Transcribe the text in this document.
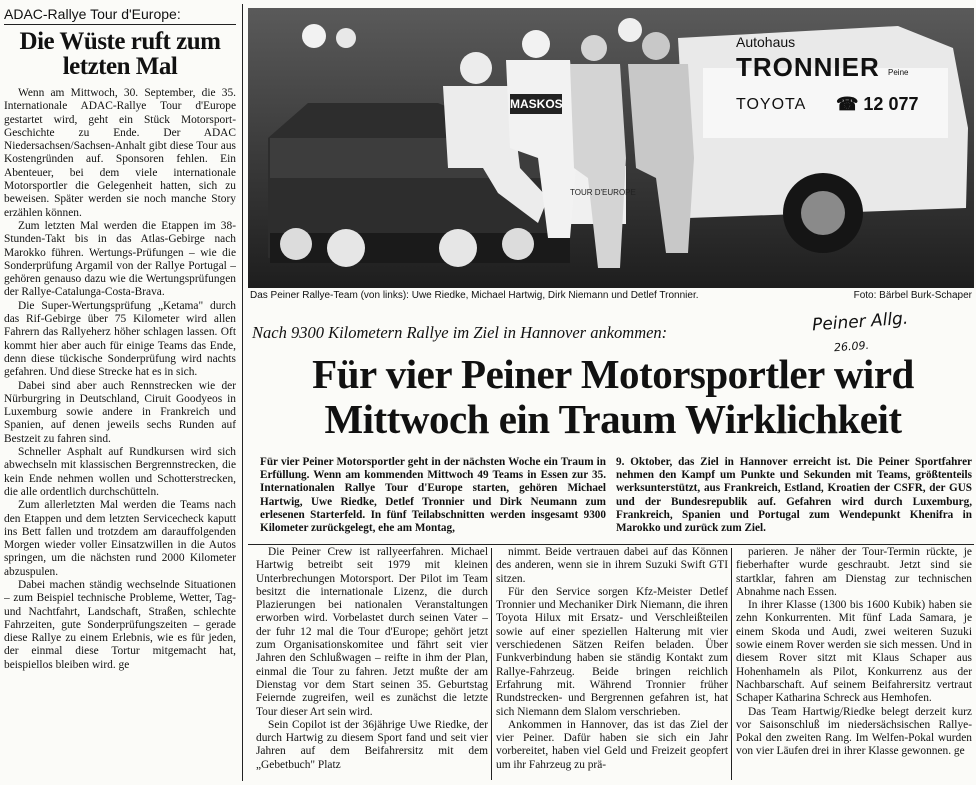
ADAC-Rallye Tour d'Europe:
Die Wüste ruft zum letzten Mal

Wenn am Mittwoch, 30. September, die 35. Internationale ADAC-Rallye Tour d'Europe gestartet wird, geht ein Stück Motorsport-Geschichte zu Ende. Der ADAC Niedersachsen/Sachsen-Anhalt gibt diese Tour aus Kostengründen auf. Sponsoren fehlen. Ein Abenteuer, bei dem viele internationale Motorsportler die Gelegenheit hatten, sich zu beweisen. Später werden sie noch manche Story erzählen können.

Zum letzten Mal werden die Etappen im 38-Stunden-Takt bis in das Atlas-Gebirge nach Marokko führen. Wertungs-Prüfungen – wie die Sonderprüfung Argamil von der Rallye Portugal – gehören genauso dazu wie die Wertungsprüfungen der Rallye-Catalunga-Costa-Brava.

Die Super-Wertungsprüfung „Ketama" durch das Rif-Gebirge über 75 Kilometer wird allen Fahrern das Rallyeherz höher schlagen lassen. Oft kommt hier aber auch für einige Teams das Ende, denn diese tückische Sonderprüfung wird nachts gefahren. Und diese Strecke hat es in sich.

Dabei sind aber auch Rennstrecken wie der Nürburgring in Deutschland, Ciruit Goodyeos in Luxemburg sowie andere in Frankreich und Spanien, auf denen jeweils sechs Runden auf Bestzeit zu fahren sind.

Schneller Asphalt auf Rundkursen wird sich abwechseln mit klassischen Bergrennstrecken, die kein Ende nehmen wollen und Schotterstrecken, die alle ordentlich durchschütteln.

Zum allerletzten Mal werden die Teams nach den Etappen und dem letzten Servicecheck kaputt ins Bett fallen und trotzdem am darauffolgenden Morgen wieder voller Einsatzwillen in die Autos springen, um die nächsten rund 2000 Kilometer abzuspulen.

Dabei machen ständig wechselnde Situationen – zum Beispiel technische Probleme, Wetter, Tag- und Nachtfahrt, Landschaft, Straßen, schlechte Fahrzeiten, gute Sonderprüfungszeiten – gerade diese Rallye zu einem Erlebnis, wie es für jeden, der einmal diese Tortur mitgemacht hat, beispiellos bleiben wird. ge

Autohaus
TRONNIER Peine
TOYOTA ☎ 12 077
MASKOS
TOUR D'EUROPE
Das Peiner Rallye-Team (von links): Uwe Riedke, Michael Hartwig, Dirk Niemann und Detlef Tronnier.	Foto: Bärbel Burk-Schaper
Nach 9300 Kilometern Rallye im Ziel in Hannover ankommen:	Peiner Allg.
26.09.
Für vier Peiner Motorsportler wird
Mittwoch ein Traum Wirklichkeit
Für vier Peiner Motorsportler geht in der nächsten Woche ein Traum in Erfüllung. Wenn am kommenden Mittwoch 49 Teams in Essen zur 35. Internationalen Rallye Tour d'Europe starten, gehören Michael Hartwig, Uwe Riedke, Detlef Tronnier und Dirk Neumann zum erlesenen Starterfeld. In fünf Teilabschnitten werden insgesamt 9300 Kilometer zurückgelegt, ehe am Montag,
9. Oktober, das Ziel in Hannover erreicht ist. Die Peiner Sportfahrer nehmen den Kampf um Punkte und Sekunden mit Teams, größtenteils werksunterstützt, aus Frankreich, Estland, Kroatien der CSFR, der GUS und der Bundesrepublik auf. Gefahren wird durch Luxemburg, Frankreich, Spanien und Portugal zum Wendepunkt Khenifra in Marokko und zurück zum Ziel.

Die Peiner Crew ist rallyeerfahren. Michael Hartwig betreibt seit 1979 mit kleinen Unterbrechungen Motorsport. Der Pilot im Team besitzt die internationale Lizenz, die durch Plazierungen bei nationalen Veranstaltungen erworben wird. Vorbelastet durch seinen Vater – der fuhr 12 mal die Tour d'Europe; gehört jetzt zum Organisationskomitee und fährt seit vier Jahren den Schlußwagen – reifte in ihm der Plan, einmal die Tour zu fahren. Jetzt mußte der am Dienstag vor dem Start seinen 35. Geburtstag Feiernde zugreifen, weil es zunächst die letzte Tour dieser Art sein wird.

Sein Copilot ist der 36jährige Uwe Riedke, der durch Hartwig zu diesem Sport fand und seit vier Jahren auf dem Beifahrersitz mit dem „Gebetbuch" Platz

nimmt. Beide vertrauen dabei auf das Können des anderen, wenn sie in ihrem Suzuki Swift GTI sitzen.

Für den Service sorgen Kfz-Meister Detlef Tronnier und Mechaniker Dirk Niemann, die ihren Toyota Hilux mit Ersatz- und Verschleißteilen sowie auf einer speziellen Halterung mit vier verschiedenen Sätzen Reifen beladen. Über Funkverbindung haben sie ständig Kontakt zum Rallye-Fahrzeug. Beide bringen reichlich Erfahrung mit. Während Tronnier früher Rundstrecken- und Bergrennen gefahren ist, hat sich Niemann dem Slalom verschrieben.

Ankommen in Hannover, das ist das Ziel der vier Peiner. Dafür haben sie sich ein Jahr vorbereitet, haben viel Geld und Freizeit geopfert um ihr Fahrzeug zu prä-

parieren. Je näher der Tour-Termin rückte, je fieberhafter wurde geschraubt. Jetzt sind sie startklar, fahren am Dienstag zur technischen Abnahme nach Essen.

In ihrer Klasse (1300 bis 1600 Kubik) haben sie zehn Konkurrenten. Mit fünf Lada Samara, je einem Skoda und Audi, zwei weiteren Suzuki sowie einem Rover werden sie sich messen. Und in diesem Rover sitzt mit Klaus Schaper aus Hohenhameln als Pilot, Konkurrenz aus der Nachbarschaft. Auf seinem Beifahrersitz vertraut Schaper Katharina Schreck aus Hemhofen.

Das Team Hartwig/Riedke belegt derzeit kurz vor Saisonschluß im niedersächsischen Rallye-Pokal den zweiten Rang. Im Welfen-Pokal wurden von vier Läufen drei in ihrer Klasse gewonnen. ge
